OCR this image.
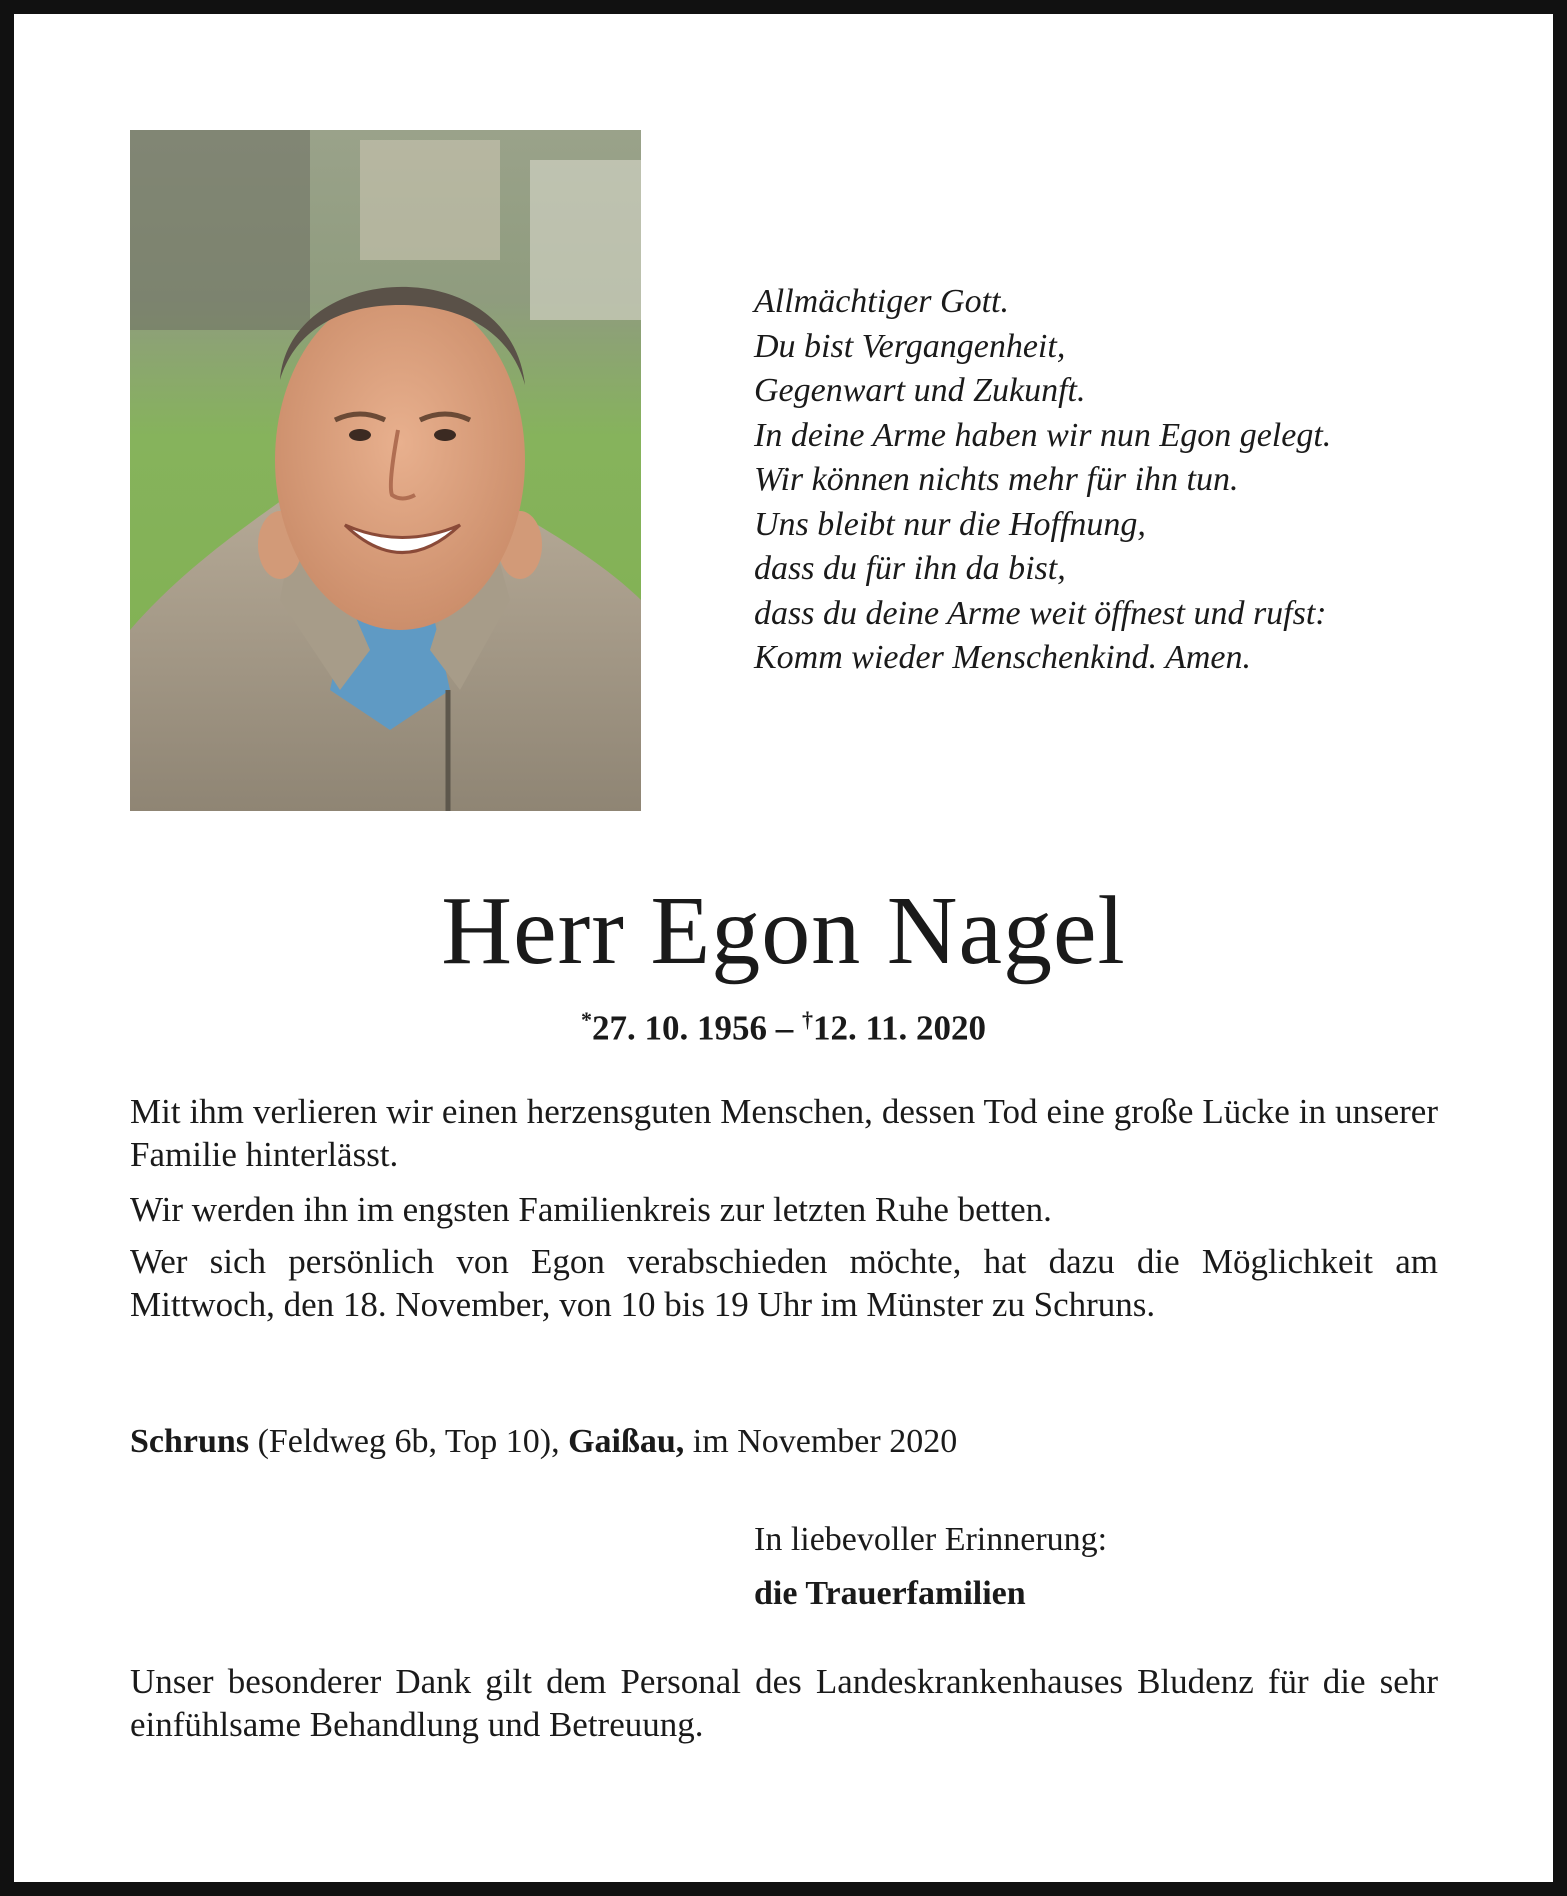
Allmächtiger Gott.
Du bist Vergangenheit,
Gegenwart und Zukunft.
In deine Arme haben wir nun Egon gelegt.
Wir können nichts mehr für ihn tun.
Uns bleibt nur die Hoffnung,
dass du für ihn da bist,
dass du deine Arme weit öffnest und rufst:
Komm wieder Menschenkind. Amen.
Herr Egon Nagel
*27. 10. 1956 – †12. 11. 2020
Mit ihm verlieren wir einen herzensguten Menschen, dessen Tod eine große Lücke in unserer Familie hinterlässt.
Wir werden ihn im engsten Familienkreis zur letzten Ruhe betten.
Wer sich persönlich von Egon verabschieden möchte, hat dazu die Möglichkeit am Mittwoch, den 18. November, von 10 bis 19 Uhr im Münster zu Schruns.
Schruns (Feldweg 6b, Top 10), Gaißau, im November 2020
In liebevoller Erinnerung:
die Trauerfamilien
Unser besonderer Dank gilt dem Personal des Landeskrankenhauses Bludenz für die sehr einfühlsame Behandlung und Betreuung.
